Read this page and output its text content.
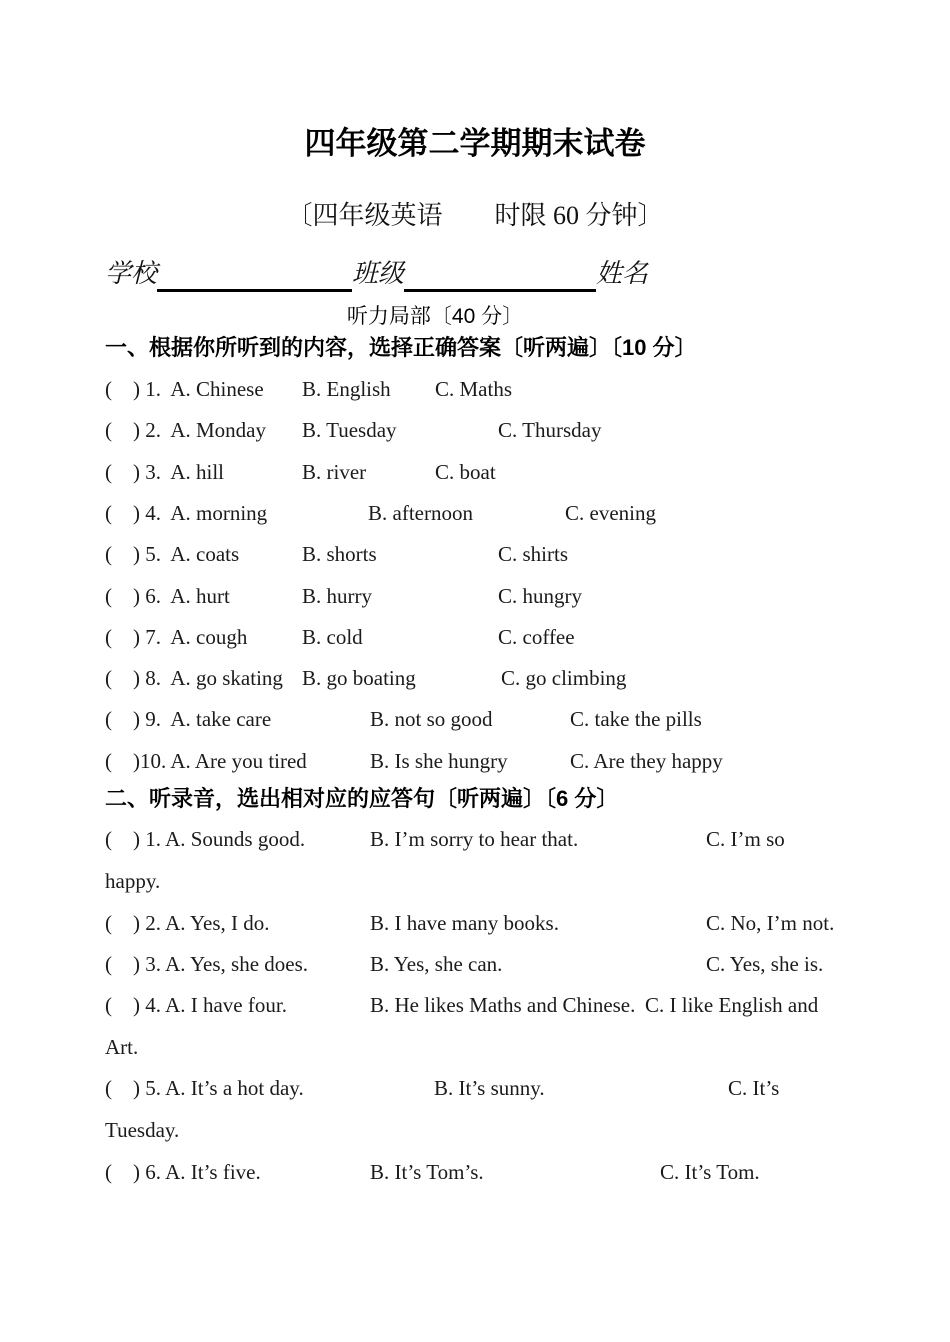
四年级第二学期期末试卷
〔四年级英语　　时限 60 分钟〕
学校	班级	姓名
听力局部〔40 分〕
一、根据你所听到的内容，选择正确答案〔听两遍〕〔10 分〕
( ) 1.  A. Chinese B. English C. Maths
( ) 2.  A. Monday B. Tuesday	C. Thursday
( ) 3.  A. hill	B. river	C. boat
( ) 4.  A. morning	B. afternoon	C. evening
( ) 5.  A. coats	B. shorts	C. shirts
( ) 6.  A. hurt	B. hurry	C. hungry
( ) 7.  A. cough	B. cold	C. coffee
( ) 8.  A. go skating B. go boating	C. go climbing
( ) 9.  A. take care	B. not so good	C. take the pills
( )10. A. Are you tired	B. Is she hungry	C. Are they happy
二、听录音，选出相对应的应答句〔听两遍〕〔6 分〕
( ) 1. A. Sounds good.	B. I’m sorry to hear that.	C. I’m so
happy.
( ) 2. A. Yes, I do.	B. I have many books.	C. No, I’m not.
( ) 3. A. Yes, she does.	B. Yes, she can.	C. Yes, she is.
( ) 4. A. I have four.	B. He likes Maths and Chinese. C. I like English and
Art.
( ) 5. A. It’s a hot day.	B. It’s sunny.	C. It’s
Tuesday.
( ) 6. A. It’s five.	B. It’s Tom’s.	C. It’s Tom.
